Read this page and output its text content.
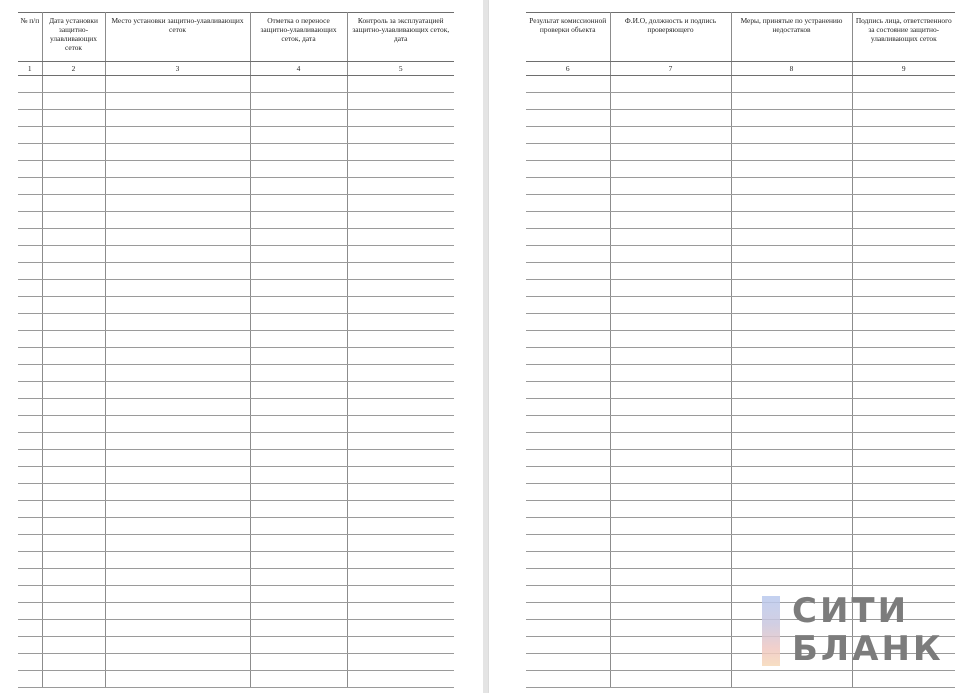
№ п/п	Дата установки защитно-улавливающих сеток	Место установки защитно-улавливающих сеток	Отметка о переносе защитно-улавливающих сеток, дата	Контроль за эксплуатацией защитно-улавливающих сеток, дата
1	2	3	4	5

Результат комиссионной проверки объекта	Ф.И.О, должность и подпись проверяющего	Меры, принятые по устранению недостатков	Подпись лица, ответственного за состояние защитно-улавливающих сеток
6	7	8	9

СИТИ
БЛАНК
